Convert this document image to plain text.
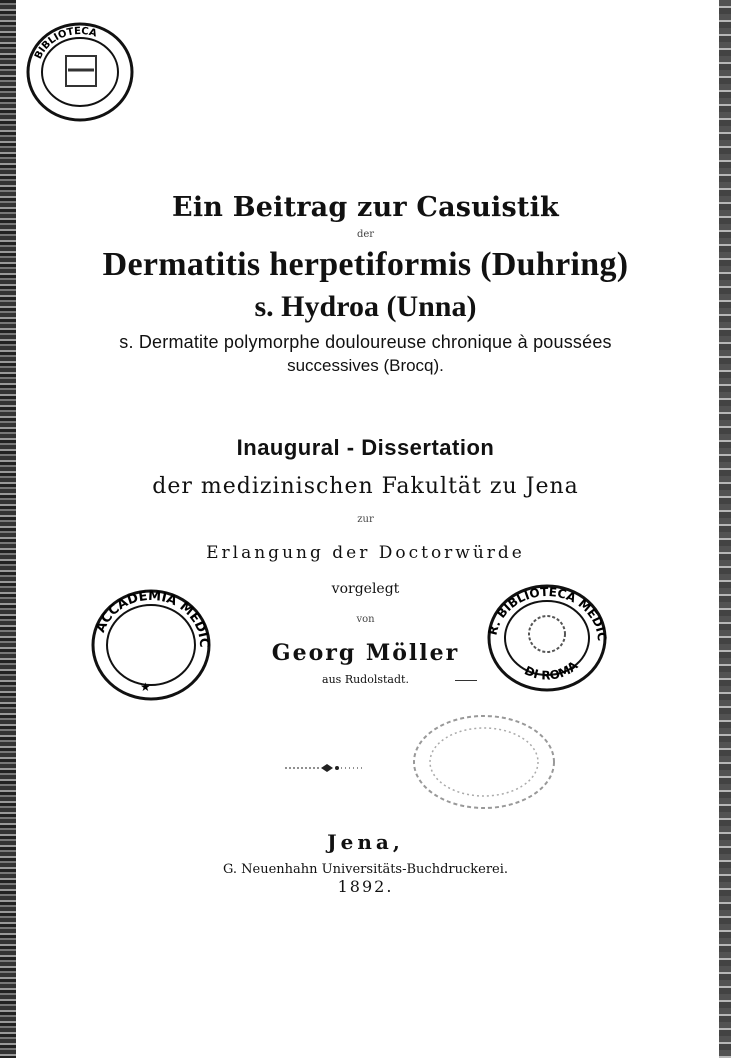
BIBLIOTECA
ACCADEMIA MEDIC
★
R. BIBLIOTECA MEDIC
DI ROMA
Ein Beitrag zur Casuistik
der
Dermatitis herpetiformis (Duhring)
s. Hydroa (Unna)
s. Dermatite polymorphe douloureuse chronique à poussées
successives (Brocq).
Inaugural - Dissertation
der medizinischen Fakultät zu Jena
zur
Erlangung der Doctorwürde
vorgelegt
von
Georg Möller
aus Rudolstadt.
Jena,
G. Neuenhahn Universitäts-Buchdruckerei.
1892.
